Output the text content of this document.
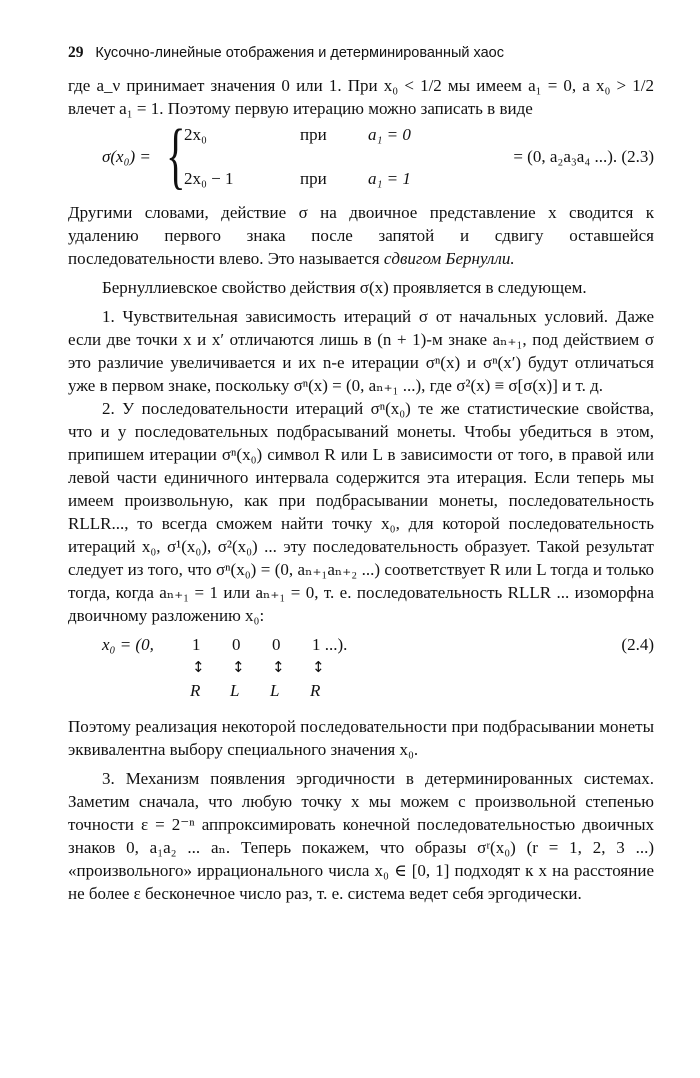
29 Кусочно-линейные отображения и детерминированный хаос

где a_ν принимает значения 0 или 1. При x₀ < 1/2 мы имеем a₁ = 0, а x₀ > 1/2 влечет a₁ = 1. Поэтому первую итерацию можно записать в виде

σ(x₀) = {
2x₀	при a₁ = 0
2x₀ − 1	при a₁ = 1
= (0, a₂a₃a₄ ...). (2.3)

Другими словами, действие σ на двоичное представление x сводится к удалению первого знака после запятой и сдвигу оставшейся последовательности влево. Это называется сдвигом Бернулли.

Бернуллиевское свойство действия σ(x) проявляется в следующем.

1. Чувствительная зависимость итераций σ от начальных условий. Даже если две точки x и x′ отличаются лишь в (n + 1)-м знаке aₙ₊₁, под действием σ это различие увеличивается и их n-е итерации σⁿ(x) и σⁿ(x′) будут отличаться уже в первом знаке, поскольку σⁿ(x) = (0, aₙ₊₁ ...), где σ²(x) ≡ σ[σ(x)] и т. д.

2. У последовательности итераций σⁿ(x₀) те же статистические свойства, что и у последовательных подбрасываний монеты. Чтобы убедиться в этом, припишем итерации σⁿ(x₀) символ R или L в зависимости от того, в правой или левой части единичного интервала содержится эта итерация. Если теперь мы имеем произвольную, как при подбрасывании монеты, последовательность RLLR..., то всегда сможем найти точку x₀, для которой последовательность итераций x₀, σ¹(x₀), σ²(x₀) ... эту последовательность образует. Такой результат следует из того, что σⁿ(x₀) = (0, aₙ₊₁aₙ₊₂ ...) соответствует R или L тогда и только тогда, когда aₙ₊₁ = 1 или aₙ₊₁ = 0, т. е. последовательность RLLR ... изоморфна двоичному разложению x₀:

x₀ = (0, 1 0 0 1 ...).
↕ ↕ ↕ ↕
R L L R
(2.4)

Поэтому реализация некоторой последовательности при подбрасывании монеты эквивалентна выбору специального значения x₀.

3. Механизм появления эргодичности в детерминированных системах. Заметим сначала, что любую точку x мы можем с произвольной степенью точности ε = 2⁻ⁿ аппроксимировать конечной последовательностью двоичных знаков 0, a₁a₂ ... aₙ. Теперь покажем, что образы σʳ(x₀) (r = 1, 2, 3 ...) «произвольного» иррационального числа x₀ ∈ [0, 1] подходят к x на расстояние не более ε бесконечное число раз, т. е. система ведет себя эргодически.
